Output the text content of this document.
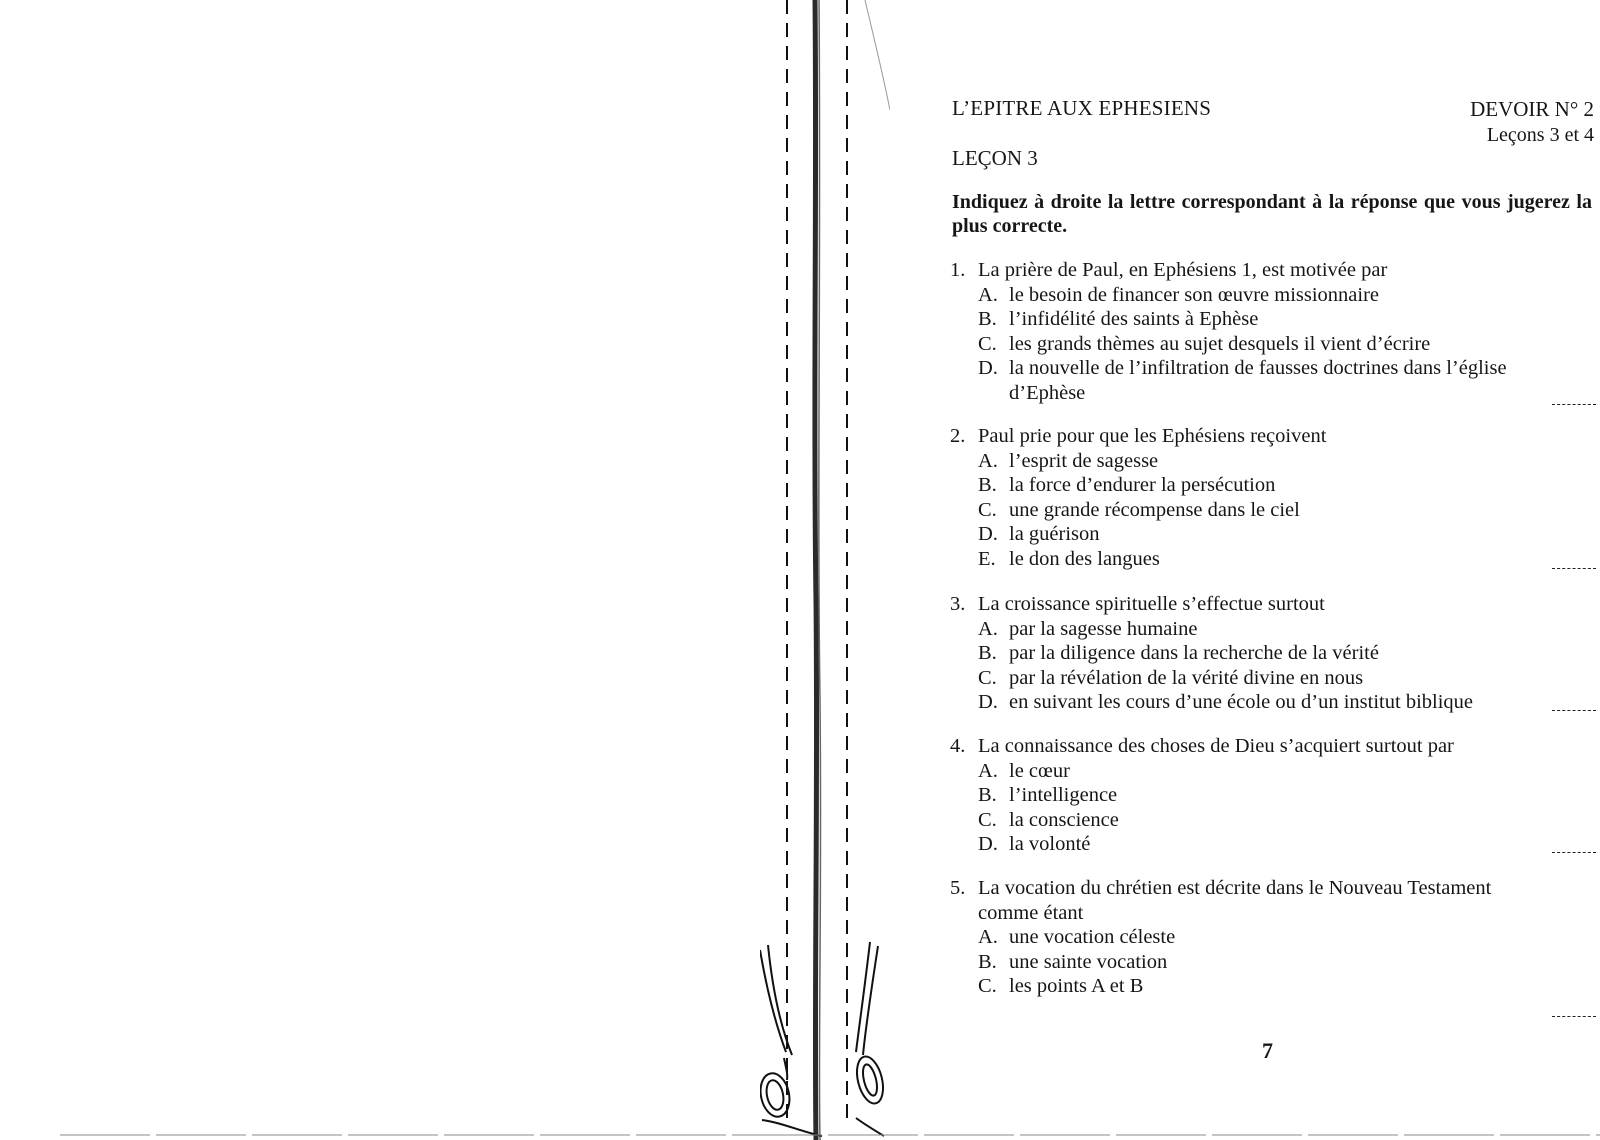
L’EPITRE AUX EPHESIENS	DEVOIR N° 2
Leçons 3 et 4
LEÇON 3
Indiquez à droite la lettre correspondant à la réponse que vous jugerez la plus correcte.
1. La prière de Paul, en Ephésiens 1, est motivée par
A. le besoin de financer son œuvre missionnaire
B. l’infidélité des saints à Ephèse
C. les grands thèmes au sujet desquels il vient d’écrire
D. la nouvelle de l’infiltration de fausses doctrines dans l’église d’Ephèse
2. Paul prie pour que les Ephésiens reçoivent
A. l’esprit de sagesse
B. la force d’endurer la persécution
C. une grande récompense dans le ciel
D. la guérison
E. le don des langues
3. La croissance spirituelle s’effectue surtout
A. par la sagesse humaine
B. par la diligence dans la recherche de la vérité
C. par la révélation de la vérité divine en nous
D. en suivant les cours d’une école ou d’un institut biblique
4. La connaissance des choses de Dieu s’acquiert surtout par
A. le cœur
B. l’intelligence
C. la conscience
D. la volonté
5. La vocation du chrétien est décrite dans le Nouveau Testament comme étant
A. une vocation céleste
B. une sainte vocation
C. les points A et B
7
